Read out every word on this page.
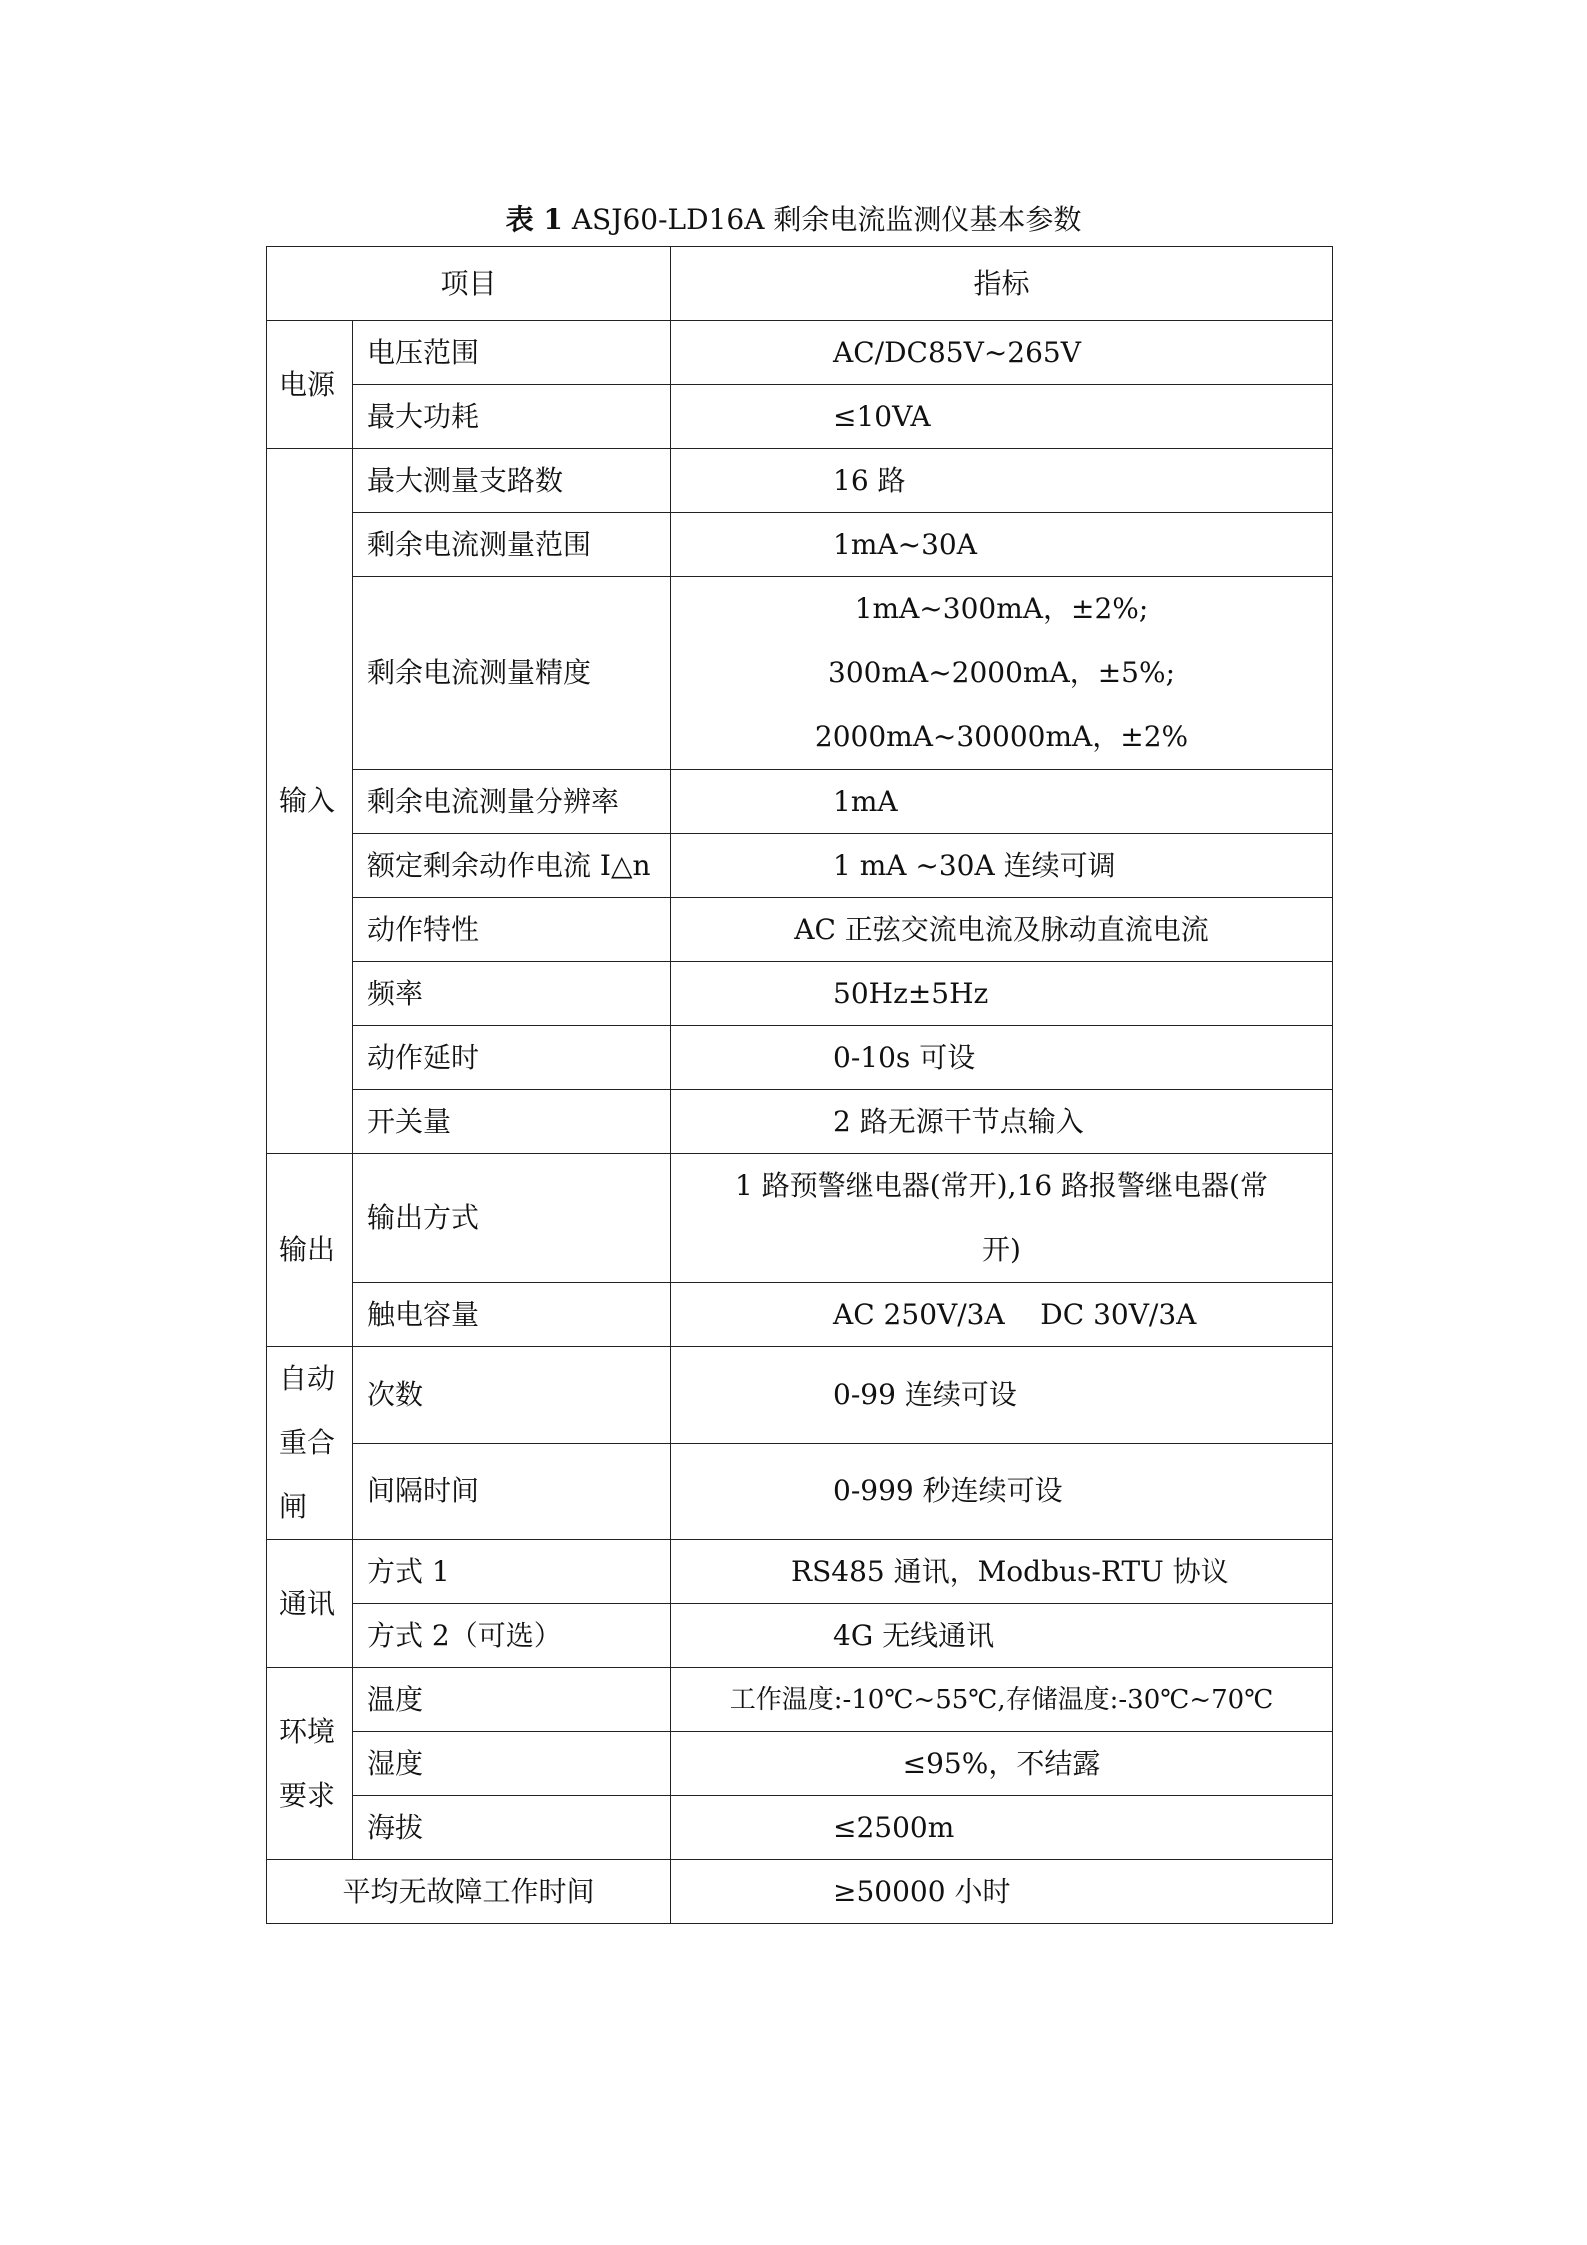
表 1 ASJ60-LD16A 剩余电流监测仪基本参数
项目		指标
电源	电压范围	AC/DC85V~265V
	最大功耗	≤10VA
输入	最大测量支路数	16 路
	剩余电流测量范围	1mA~30A
	剩余电流测量精度	1mA~300mA，±2%;
300mA~2000mA，±5%;
2000mA~30000mA，±2%

	剩余电流测量分辨率	1mA
	额定剩余动作电流 I△n	1 mA ~30A 连续可调
	动作特性	AC 正弦交流电流及脉动直流电流
	频率	50Hz±5Hz
	动作延时	0-10s 可设
	开关量	2 路无源干节点输入
输出	输出方式	1 路预警继电器(常开),16 路报警继电器(常
开)

	触电容量	AC 250V/3A    DC 30V/3A
自动重合闸	次数	0-99 连续可设
	间隔时间	0-999 秒连续可设
通讯	方式 1	RS485 通讯，Modbus-RTU 协议
	方式 2（可选）	4G 无线通讯
环境要求	温度	工作温度:-10℃~55℃,存储温度:-30℃~70℃
	湿度	≤95%，不结露
	海拔	≤2500m
平均无故障工作时间		≥50000 小时
